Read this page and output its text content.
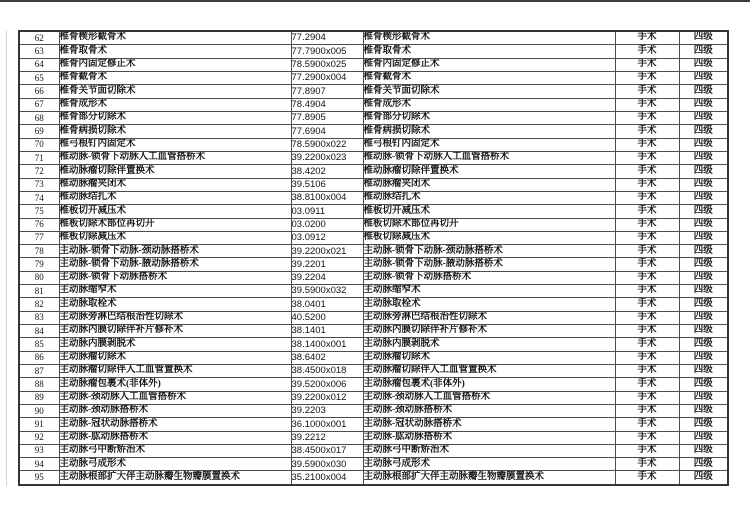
62	椎骨楔形截骨术	77.2904	椎骨楔形截骨术	手术	四级
63	椎骨取骨术	77.7900x005	椎骨取骨术	手术	四级
64	椎骨内固定修正术	78.5900x025	椎骨内固定修正术	手术	四级
65	椎骨截骨术	77.2900x004	椎骨截骨术	手术	四级
66	椎骨关节面切除术	77.8907	椎骨关节面切除术	手术	四级
67	椎骨成形术	78.4904	椎骨成形术	手术	四级
68	椎骨部分切除术	77.8905	椎骨部分切除术	手术	四级
69	椎骨病损切除术	77.6904	椎骨病损切除术	手术	四级
70	椎弓根钉内固定术	78.5900x022	椎弓根钉内固定术	手术	四级
71	椎动脉-锁骨下动脉人工血管搭桥术	39.2200x023	椎动脉-锁骨下动脉人工血管搭桥术	手术	四级
72	椎动脉瘤切除伴置换术	38.4202	椎动脉瘤切除伴置换术	手术	四级
73	椎动脉瘤夹闭术	39.5106	椎动脉瘤夹闭术	手术	四级
74	椎动脉结扎术	38.8100x004	椎动脉结扎术	手术	四级
75	椎板切开减压术	03.0911	椎板切开减压术	手术	四级
76	椎板切除术部位再切开	03.0200	椎板切除术部位再切开	手术	四级
77	椎板切除减压术	03.0912	椎板切除减压术	手术	四级
78	主动脉-锁骨下动脉-颈动脉搭桥术	39.2200x021	主动脉-锁骨下动脉-颈动脉搭桥术	手术	四级
79	主动脉-锁骨下动脉-腋动脉搭桥术	39.2201	主动脉-锁骨下动脉-腋动脉搭桥术	手术	四级
80	主动脉-锁骨下动脉搭桥术	39.2204	主动脉-锁骨下动脉搭桥术	手术	四级
81	主动脉缩窄术	39.5900x032	主动脉缩窄术	手术	四级
82	主动脉取栓术	38.0401	主动脉取栓术	手术	四级
83	主动脉旁淋巴结根治性切除术	40.5200	主动脉旁淋巴结根治性切除术	手术	四级
84	主动脉内膜切除伴补片修补术	38.1401	主动脉内膜切除伴补片修补术	手术	四级
85	主动脉内膜剥脱术	38.1400x001	主动脉内膜剥脱术	手术	四级
86	主动脉瘤切除术	38.6402	主动脉瘤切除术	手术	四级
87	主动脉瘤切除伴人工血管置换术	38.4500x018	主动脉瘤切除伴人工血管置换术	手术	四级
88	主动脉瘤包裹术(非体外)	39.5200x006	主动脉瘤包裹术(非体外)	手术	四级
89	主动脉-颈动脉人工血管搭桥术	39.2200x012	主动脉-颈动脉人工血管搭桥术	手术	四级
90	主动脉-颈动脉搭桥术	39.2203	主动脉-颈动脉搭桥术	手术	四级
91	主动脉-冠状动脉搭桥术	36.1000x001	主动脉-冠状动脉搭桥术	手术	四级
92	主动脉-肱动脉搭桥术	39.2212	主动脉-肱动脉搭桥术	手术	四级
93	主动脉弓中断矫治术	38.4500x017	主动脉弓中断矫治术	手术	四级
94	主动脉弓成形术	39.5900x030	主动脉弓成形术	手术	四级
95	主动脉根部扩大伴主动脉瓣生物瓣膜置换术	35.2100x004	主动脉根部扩大伴主动脉瓣生物瓣膜置换术	手术	四级
